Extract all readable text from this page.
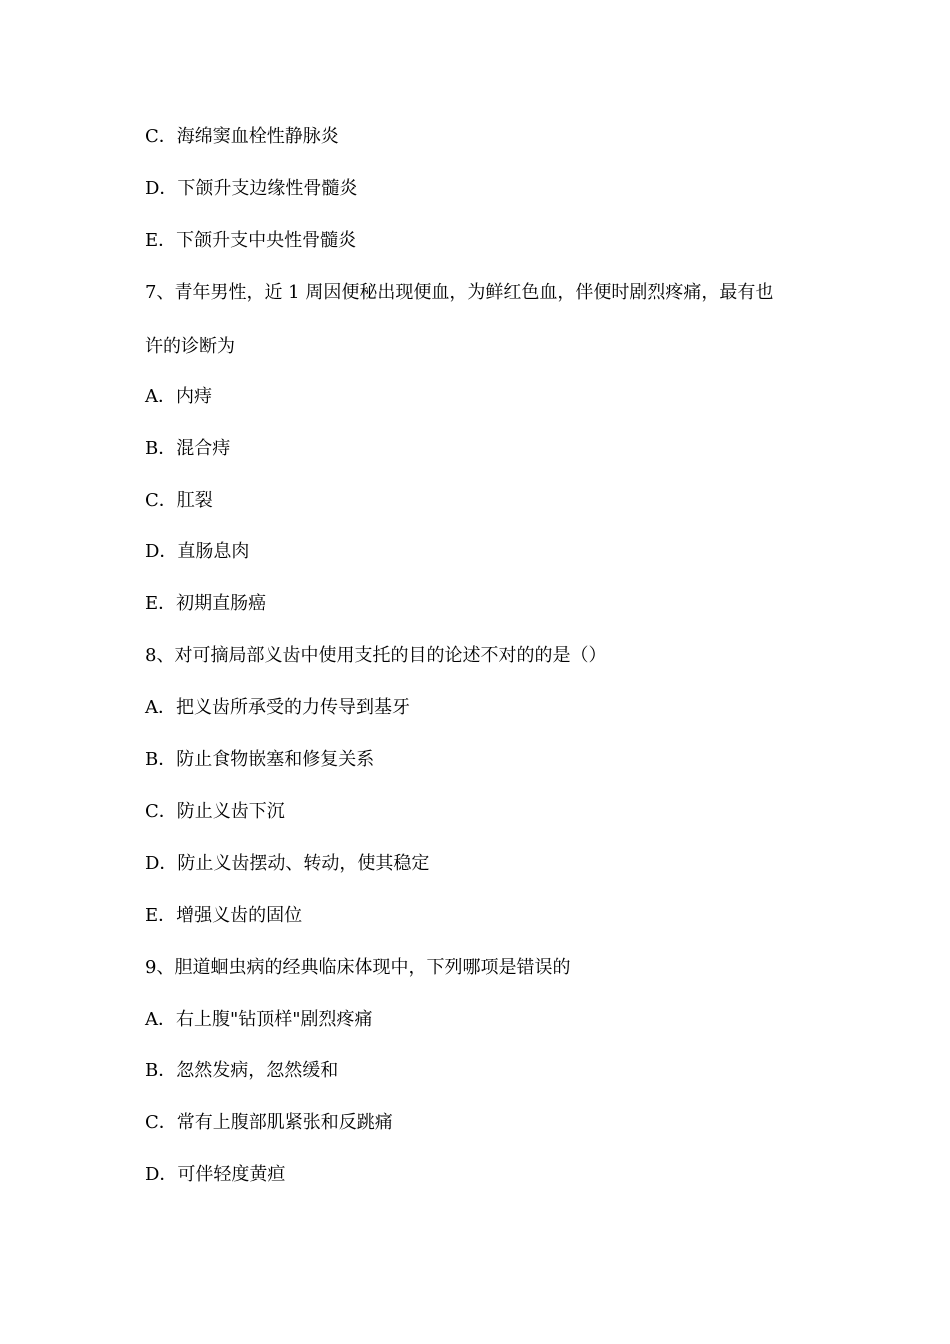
C．海绵窦血栓性静脉炎
D．下颌升支边缘性骨髓炎
E．下颌升支中央性骨髓炎
7、青年男性，近 1 周因便秘出现便血，为鲜红色血，伴便时剧烈疼痛，最有也
许的诊断为
A．内痔
B．混合痔
C．肛裂
D．直肠息肉
E．初期直肠癌
8、对可摘局部义齿中使用支托的目的论述不对的的是（）
A．把义齿所承受的力传导到基牙
B．防止食物嵌塞和修复关系
C．防止义齿下沉
D．防止义齿摆动、转动，使其稳定
E．增强义齿的固位
9、胆道蛔虫病的经典临床体现中，下列哪项是错误的
A．右上腹"钻顶样"剧烈疼痛
B．忽然发病，忽然缓和
C．常有上腹部肌紧张和反跳痛
D．可伴轻度黄疸
